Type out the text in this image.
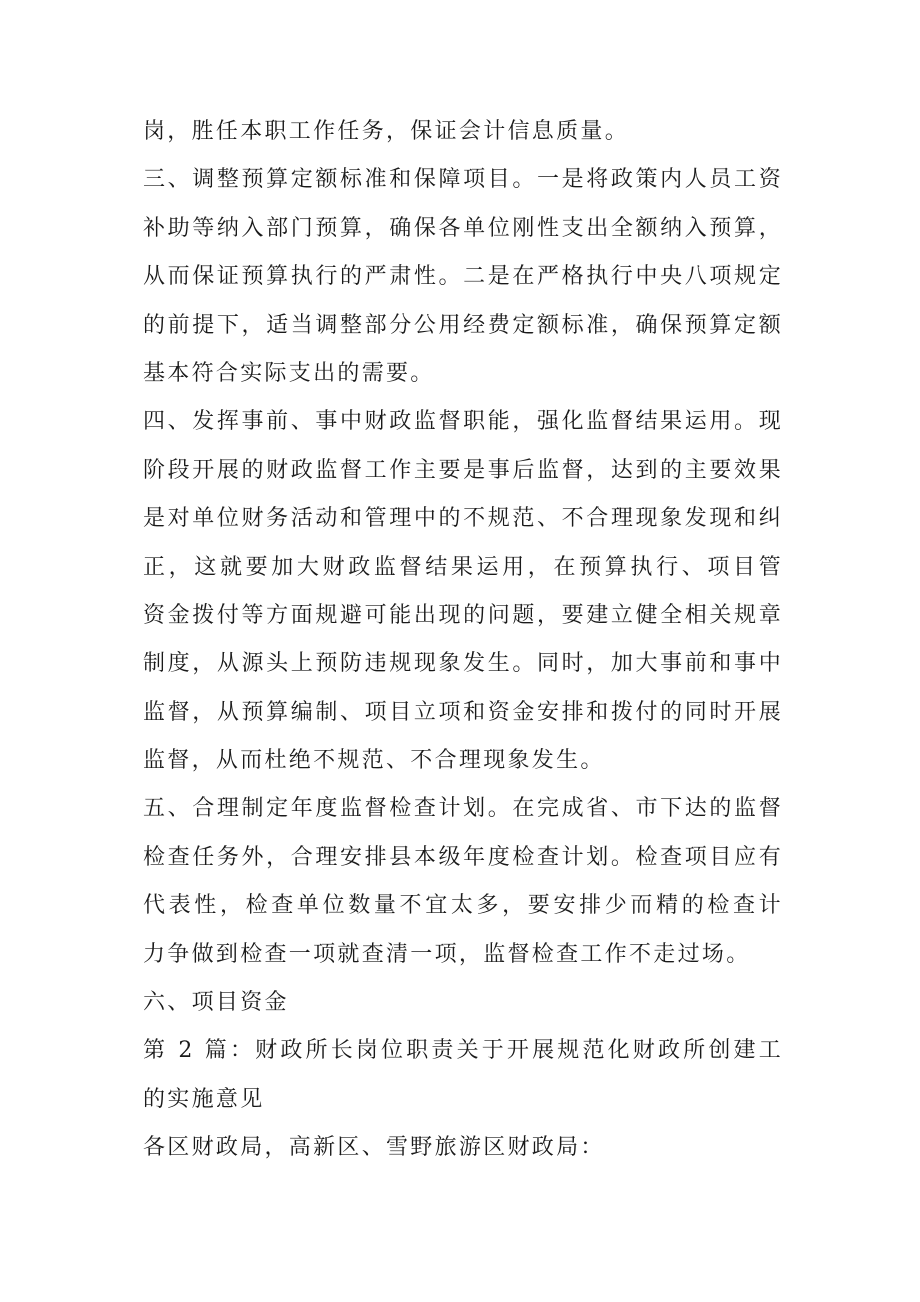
岗，胜任本职工作任务，保证会计信息质量。
三、调整预算定额标准和保障项目。一是将政策内人员工资
补助等纳入部门预算，确保各单位刚性支出全额纳入预算，
从而保证预算执行的严肃性。二是在严格执行中央八项规定
的前提下，适当调整部分公用经费定额标准，确保预算定额
基本符合实际支出的需要。
四、发挥事前、事中财政监督职能，强化监督结果运用。现
阶段开展的财政监督工作主要是事后监督，达到的主要效果
是对单位财务活动和管理中的不规范、不合理现象发现和纠
正，这就要加大财政监督结果运用，在预算执行、项目管
资金拨付等方面规避可能出现的问题，要建立健全相关规章
制度，从源头上预防违规现象发生。同时，加大事前和事中
监督，从预算编制、项目立项和资金安排和拨付的同时开展
监督，从而杜绝不规范、不合理现象发生。
五、合理制定年度监督检查计划。在完成省、市下达的监督
检查任务外，合理安排县本级年度检查计划。检查项目应有
代表性，检查单位数量不宜太多，要安排少而精的检查计
力争做到检查一项就查清一项，监督检查工作不走过场。
六、项目资金
第 2 篇：财政所长岗位职责关于开展规范化财政所创建工
的实施意见
各区财政局，高新区、雪野旅游区财政局：
